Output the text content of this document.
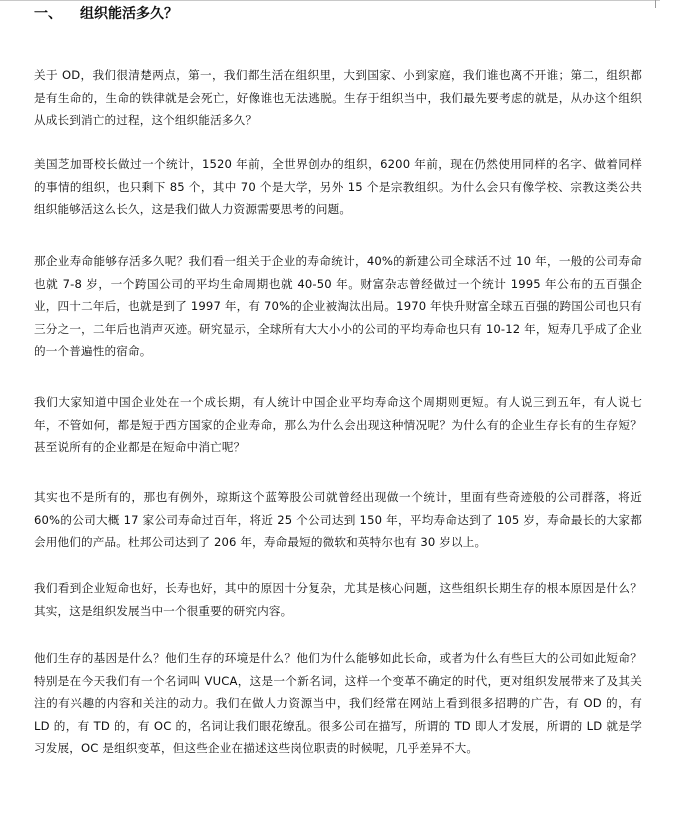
一、 组织能活多久？

关于 OD，我们很清楚两点，第一，我们都生活在组织里，大到国家、小到家庭，我们谁也离不开谁；第二，组织都是有生命的，生命的铁律就是会死亡，好像谁也无法逃脱。生存于组织当中，我们最先要考虑的就是，从办这个组织从成长到消亡的过程，这个组织能活多久？

美国芝加哥校长做过一个统计，1520 年前，全世界创办的组织，6200 年前，现在仍然使用同样的名字、做着同样的事情的组织，也只剩下 85 个，其中 70 个是大学，另外 15 个是宗教组织。为什么会只有像学校、宗教这类公共组织能够活这么长久，这是我们做人力资源需要思考的问题。

那企业寿命能够存活多久呢？我们看一组关于企业的寿命统计，40%的新建公司全球活不过 10 年，一般的公司寿命也就 7-8 岁，一个跨国公司的平均生命周期也就 40-50 年。财富杂志曾经做过一个统计 1995 年公布的五百强企业，四十二年后，也就是到了 1997 年，有 70%的企业被淘汰出局。1970 年快升财富全球五百强的跨国公司也只有三分之一，二年后也消声灭迹。研究显示，全球所有大大小小的公司的平均寿命也只有 10-12 年，短寿几乎成了企业的一个普遍性的宿命。

我们大家知道中国企业处在一个成长期，有人统计中国企业平均寿命这个周期则更短。有人说三到五年，有人说七年，不管如何，都是短于西方国家的企业寿命，那么为什么会出现这种情况呢？为什么有的企业生存长有的生存短？甚至说所有的企业都是在短命中消亡呢？

其实也不是所有的，那也有例外，琼斯这个蓝筹股公司就曾经出现做一个统计，里面有些奇迹般的公司群落，将近 60%的公司大概 17 家公司寿命过百年，将近 25 个公司达到 150 年，平均寿命达到了 105 岁，寿命最长的大家都会用他们的产品。杜邦公司达到了 206 年，寿命最短的微软和英特尔也有 30 岁以上。

我们看到企业短命也好，长寿也好，其中的原因十分复杂，尤其是核心问题，这些组织长期生存的根本原因是什么？其实，这是组织发展当中一个很重要的研究内容。

他们生存的基因是什么？他们生存的环境是什么？他们为什么能够如此长命，或者为什么有些巨大的公司如此短命？特别是在今天我们有一个名词叫 VUCA，这是一个新名词，这样一个变革不确定的时代，更对组织发展带来了及其关注的有兴趣的内容和关注的动力。我们在做人力资源当中，我们经常在网站上看到很多招聘的广告，有 OD 的，有 LD 的，有 TD 的，有 OC 的，名词让我们眼花缭乱。很多公司在描写，所谓的 TD 即人才发展，所谓的 LD 就是学习发展，OC 是组织变革，但这些企业在描述这些岗位职责的时候呢，几乎差异不大。
